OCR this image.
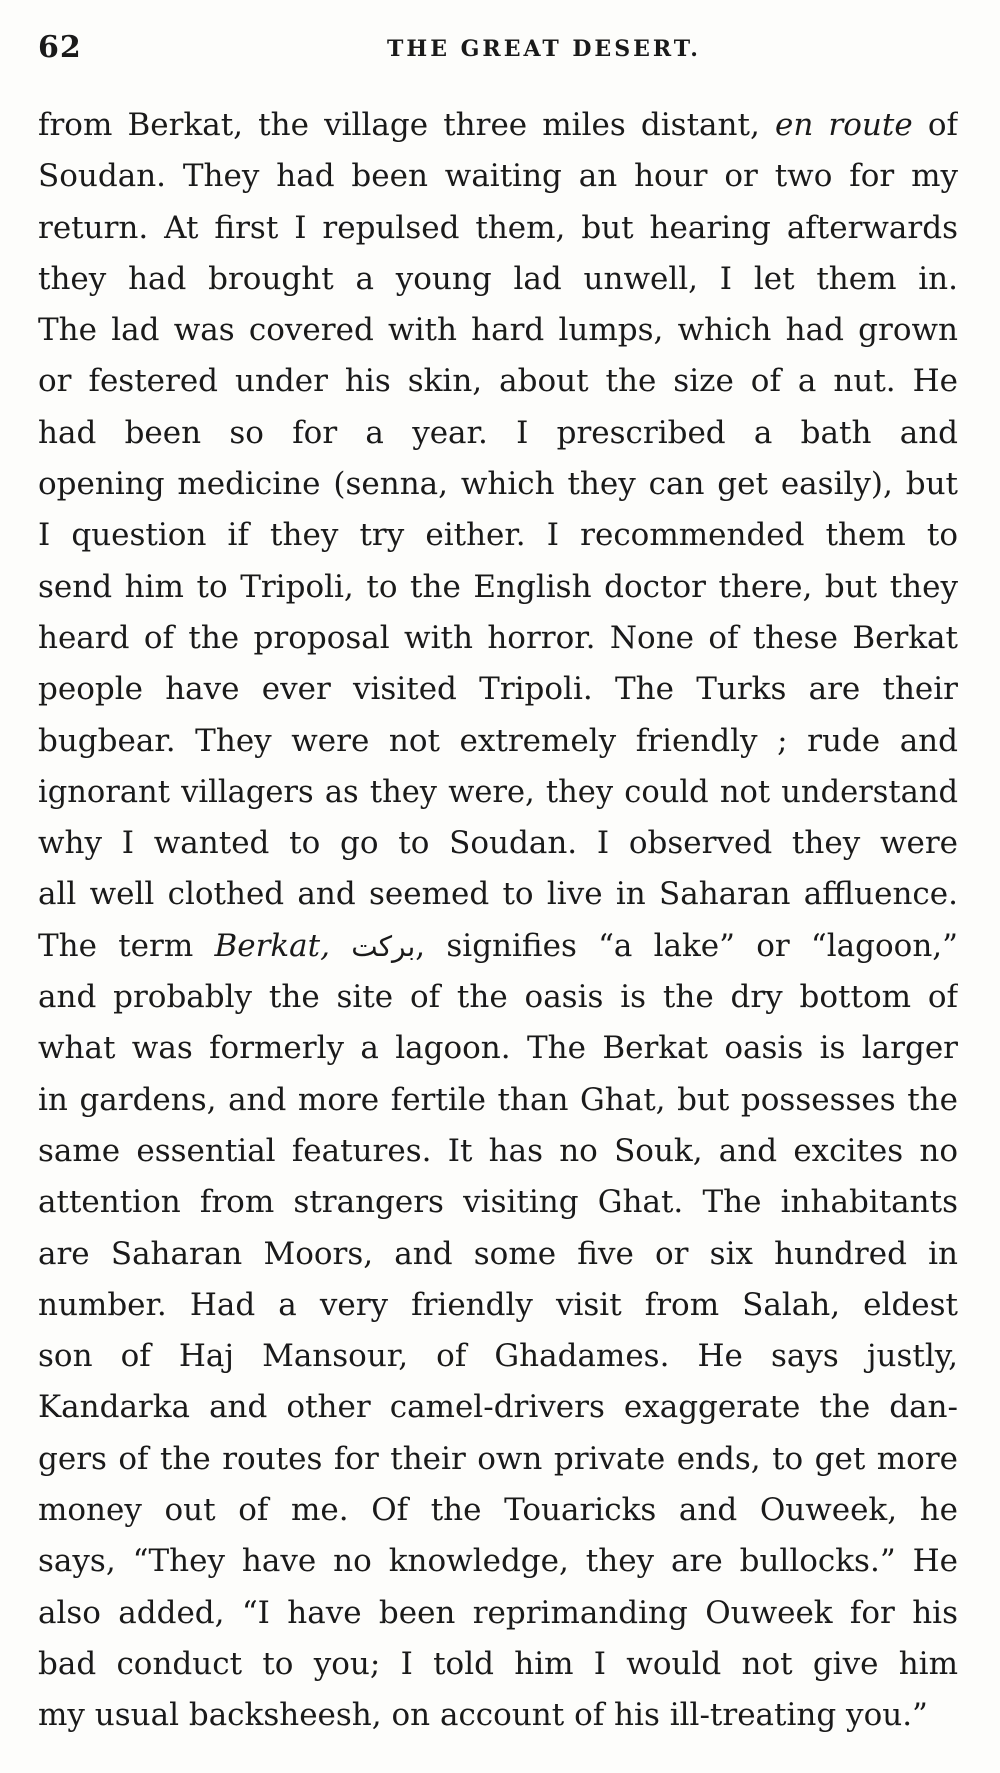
62	THE GREAT DESERT.
from Berkat, the village three miles distant, en route of
Soudan. They had been waiting an hour or two for my
return. At first I repulsed them, but hearing afterwards
they had brought a young lad unwell, I let them in.
The lad was covered with hard lumps, which had grown
or festered under his skin, about the size of a nut. He
had been so for a year. I prescribed a bath and
opening medicine (senna, which they can get easily), but
I question if they try either. I recommended them to
send him to Tripoli, to the English doctor there, but they
heard of the proposal with horror. None of these Berkat
people have ever visited Tripoli. The Turks are their
bugbear. They were not extremely friendly ; rude and
ignorant villagers as they were, they could not understand
why I wanted to go to Soudan. I observed they were
all well clothed and seemed to live in Saharan affluence.
The term Berkat, بركت, signifies “a lake” or “lagoon,”
and probably the site of the oasis is the dry bottom of
what was formerly a lagoon. The Berkat oasis is larger
in gardens, and more fertile than Ghat, but possesses the
same essential features. It has no Souk, and excites no
attention from strangers visiting Ghat. The inhabitants
are Saharan Moors, and some five or six hundred in
number. Had a very friendly visit from Salah, eldest
son of Haj Mansour, of Ghadames. He says justly,
Kandarka and other camel-drivers exaggerate the dan-
gers of the routes for their own private ends, to get more
money out of me. Of the Touaricks and Ouweek, he
says, “They have no knowledge, they are bullocks.” He
also added, “I have been reprimanding Ouweek for his
bad conduct to you; I told him I would not give him
my usual backsheesh, on account of his ill-treating you.”
